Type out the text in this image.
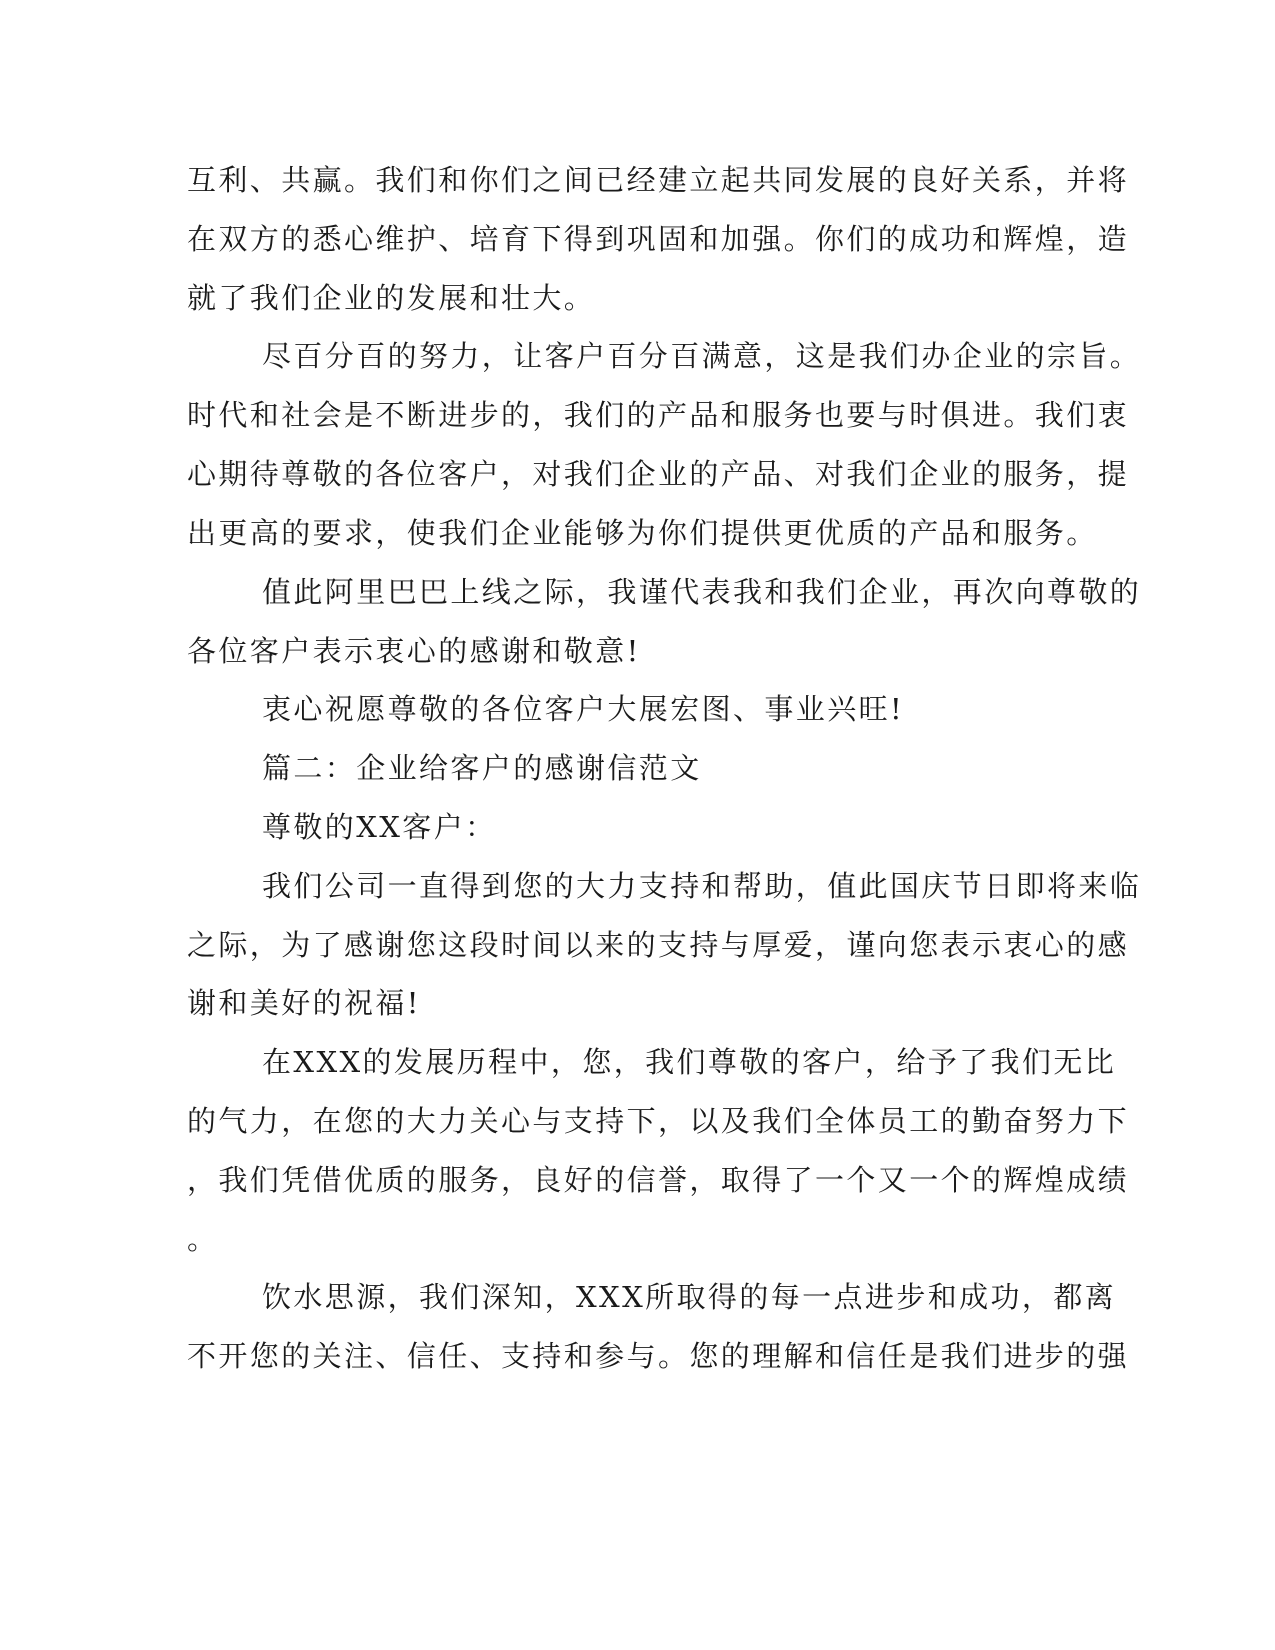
互利、共赢。我们和你们之间已经建立起共同发展的良好关系，并将
在双方的悉心维护、培育下得到巩固和加强。你们的成功和辉煌，造
就了我们企业的发展和壮大。
尽百分百的努力，让客户百分百满意，这是我们办企业的宗旨。
时代和社会是不断进步的，我们的产品和服务也要与时俱进。我们衷
心期待尊敬的各位客户，对我们企业的产品、对我们企业的服务，提
出更高的要求，使我们企业能够为你们提供更优质的产品和服务。
值此阿里巴巴上线之际，我谨代表我和我们企业，再次向尊敬的
各位客户表示衷心的感谢和敬意!
衷心祝愿尊敬的各位客户大展宏图、事业兴旺!
篇二：企业给客户的感谢信范文
尊敬的XX客户：
我们公司一直得到您的大力支持和帮助，值此国庆节日即将来临
之际，为了感谢您这段时间以来的支持与厚爱，谨向您表示衷心的感
谢和美好的祝福!
在XXX的发展历程中，您，我们尊敬的客户，给予了我们无比
的气力，在您的大力关心与支持下，以及我们全体员工的勤奋努力下
，我们凭借优质的服务，良好的信誉，取得了一个又一个的辉煌成绩
。
饮水思源，我们深知，XXX所取得的每一点进步和成功，都离
不开您的关注、信任、支持和参与。您的理解和信任是我们进步的强
